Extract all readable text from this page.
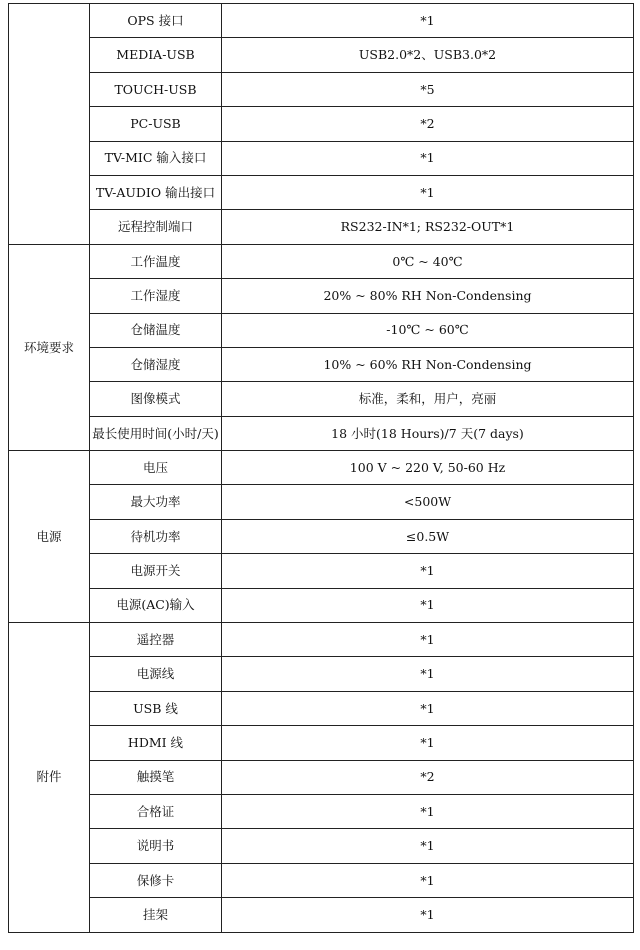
	OPS 接口	*1
	MEDIA-USB	USB2.0*2、USB3.0*2
	TOUCH-USB	*5
	PC-USB	*2
	TV-MIC 输入接口	*1
	TV-AUDIO 输出接口	*1
	远程控制端口	RS232-IN*1; RS232-OUT*1
环境要求	工作温度	0℃ ~ 40℃
	工作湿度	20% ~ 80% RH Non-Condensing
	仓储温度	-10℃ ~ 60℃
	仓储湿度	10% ~ 60% RH Non-Condensing
	图像模式	标准，柔和，用户，亮丽
	最长使用时间(小时/天)	18 小时(18 Hours)/7 天(7 days)
电源	电压	100 V ~ 220 V, 50-60 Hz
	最大功率	<500W
	待机功率	≤0.5W
	电源开关	*1
	电源(AC)输入	*1
附件	遥控器	*1
	电源线	*1
	USB 线	*1
	HDMI 线	*1
	触摸笔	*2
	合格证	*1
	说明书	*1
	保修卡	*1
	挂架	*1
